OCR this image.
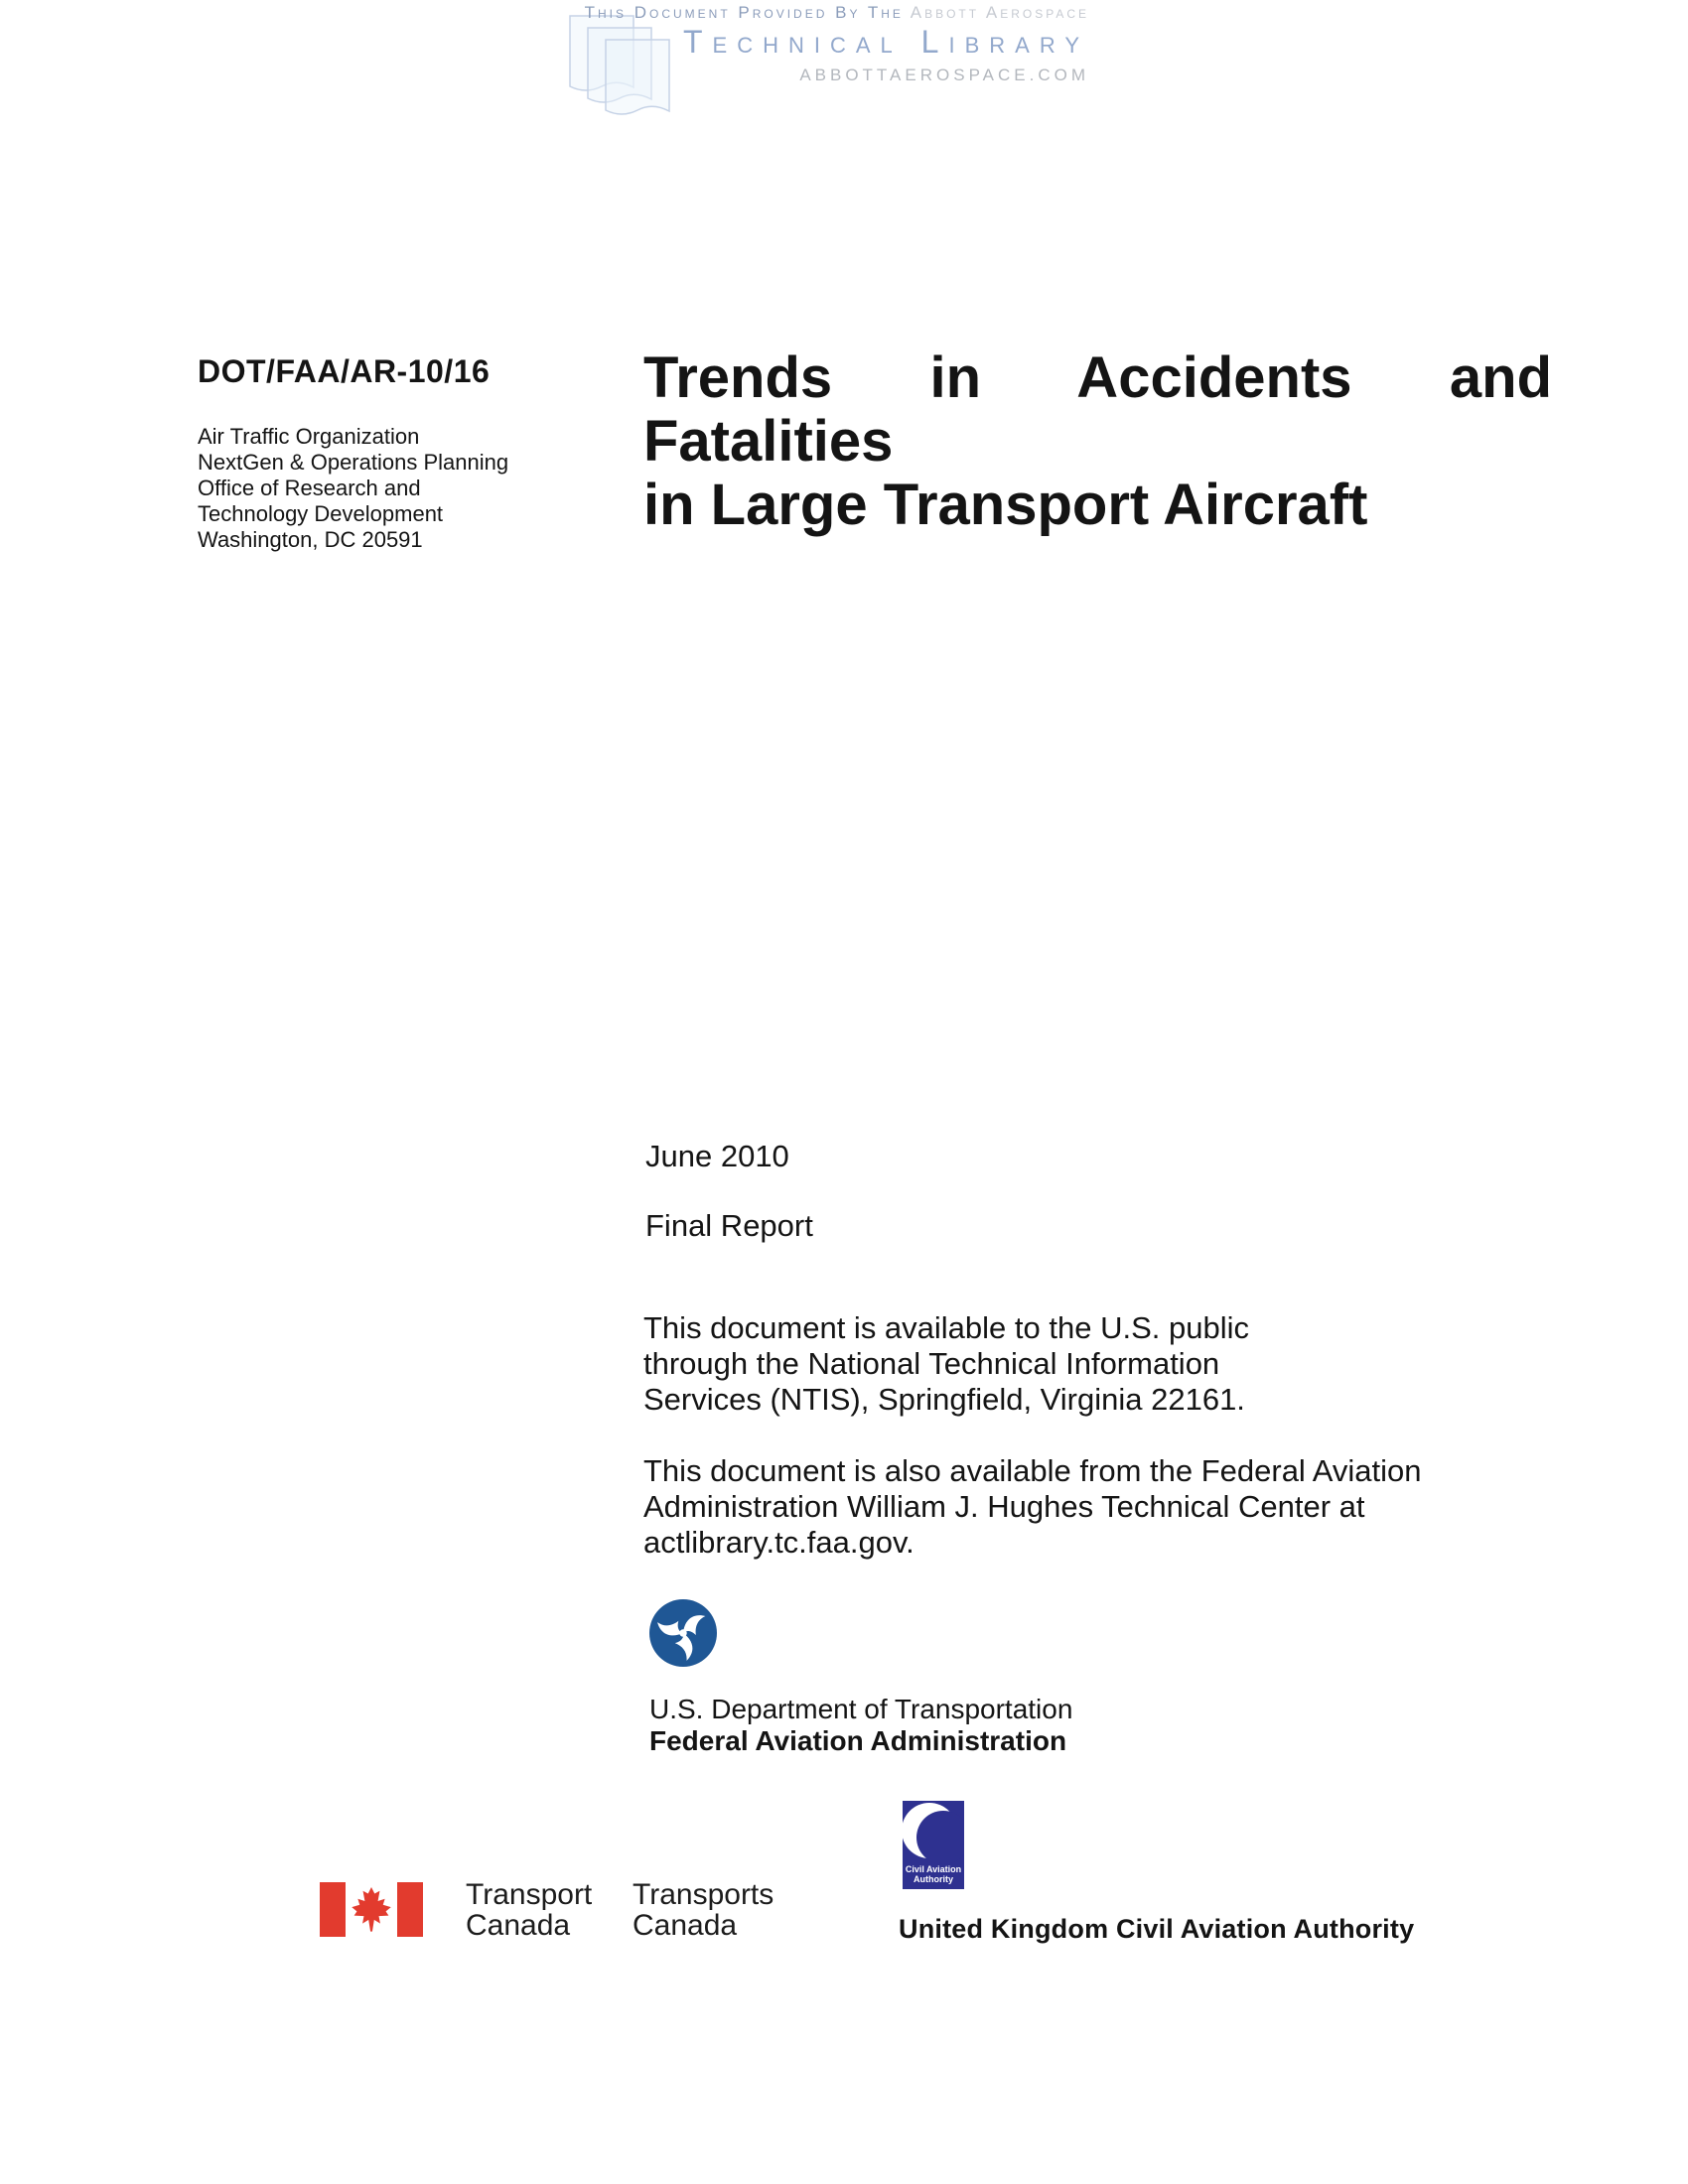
This Document Provided By The Abbott Aerospace
Technical Library
ABBOTTAEROSPACE.COM
DOT/FAA/AR-10/16
Air Traffic Organization
NextGen & Operations Planning
Office of Research and
Technology Development
Washington, DC 20591
Trends in Accidents and Fatalities
in Large Transport Aircraft
June 2010
Final Report
This document is available to the U.S. public
through the National Technical Information
Services (NTIS), Springfield, Virginia 22161.
This document is also available from the Federal Aviation
Administration William J. Hughes Technical Center at
actlibrary.tc.faa.gov.
U.S. Department of Transportation
Federal Aviation Administration
Transport
Canada
Transports
Canada
Civil Aviation
Authority
United Kingdom Civil Aviation Authority
